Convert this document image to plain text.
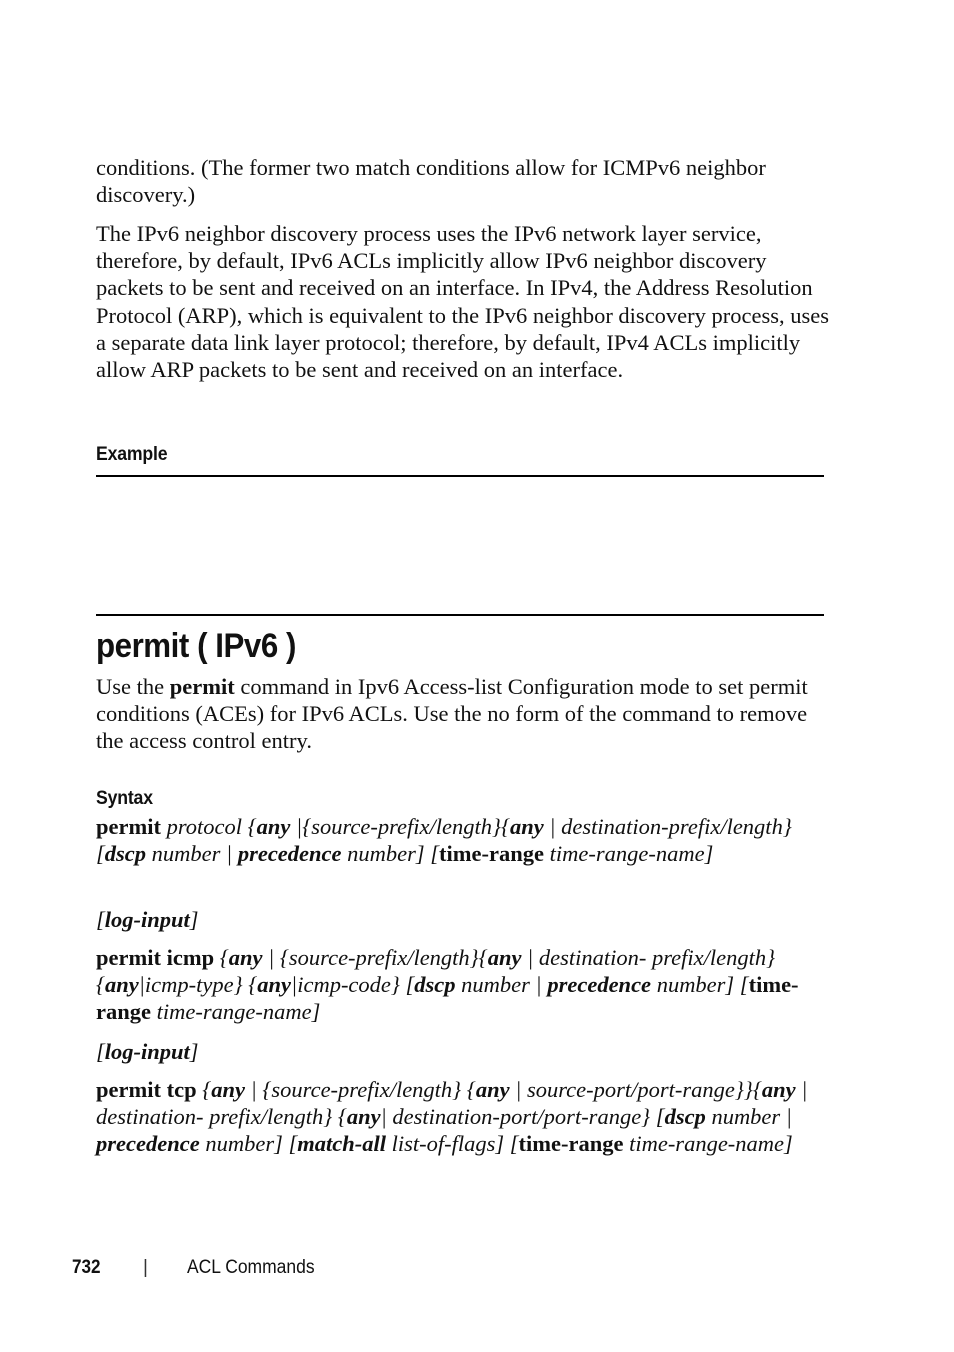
conditions. (The former two match conditions allow for ICMPv6 neighbor discovery.)

The IPv6 neighbor discovery process uses the IPv6 network layer service, therefore, by default, IPv6 ACLs implicitly allow IPv6 neighbor discovery packets to be sent and received on an interface. In IPv4, the Address Resolution Protocol (ARP), which is equivalent to the IPv6 neighbor discovery process, uses a separate data link layer protocol; therefore, by default, IPv4 ACLs implicitly allow ARP packets to be sent and received on an interface.

Example
permit ( IPv6 )

Use the permit command in Ipv6 Access-list Configuration mode to set permit conditions (ACEs) for IPv6 ACLs. Use the no form of the command to remove the access control entry.

Syntax

permit protocol {any |{source-prefix/length}{any | destination-prefix/length} [dscp number | precedence number] [time-range time-range-name]

[log-input]

permit icmp {any | {source-prefix/length}{any | destination- prefix/length} {any|icmp-type} {any|icmp-code} [dscp number | precedence number] [time-range time-range-name]

[log-input]

permit tcp {any | {source-prefix/length} {any | source-port/port-range}}{any | destination- prefix/length} {any| destination-port/port-range} [dscp number | precedence number] [match-all list-of-flags] [time-range time-range-name]

732 | ACL Commands
